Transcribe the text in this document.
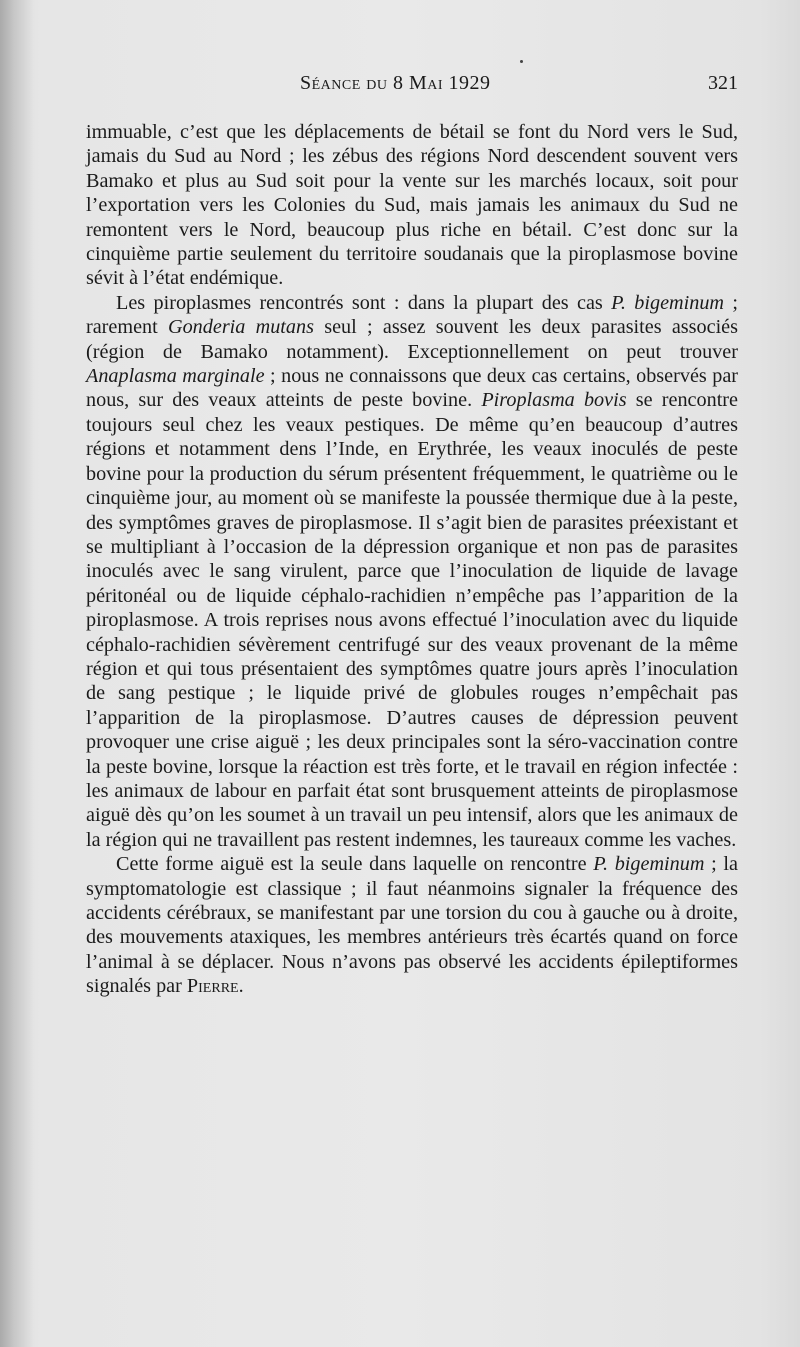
Séance du 8 Mai 1929	321

immuable, c’est que les déplacements de bétail se font du Nord vers le Sud, jamais du Sud au Nord ; les zébus des régions Nord descendent souvent vers Bamako et plus au Sud soit pour la vente sur les marchés locaux, soit pour l’exportation vers les Colonies du Sud, mais jamais les animaux du Sud ne remontent vers le Nord, beaucoup plus riche en bétail. C’est donc sur la cinquième partie seulement du territoire soudanais que la piroplasmose bovine sévit à l’état endémique.

Les piroplasmes rencontrés sont : dans la plupart des cas P. bigeminum ; rarement Gonderia mutans seul ; assez souvent les deux parasites associés (région de Bamako notamment). Exceptionnellement on peut trouver Anaplasma marginale ; nous ne connaissons que deux cas certains, observés par nous, sur des veaux atteints de peste bovine. Piroplasma bovis se rencontre toujours seul chez les veaux pestiques. De même qu’en beaucoup d’autres régions et notamment dens l’Inde, en Erythrée, les veaux inoculés de peste bovine pour la production du sérum présentent fréquemment, le quatrième ou le cinquième jour, au moment où se manifeste la poussée thermique due à la peste, des symptômes graves de piroplasmose. Il s’agit bien de parasites préexistant et se multipliant à l’occasion de la dépression organique et non pas de parasites inoculés avec le sang virulent, parce que l’inoculation de liquide de lavage péritonéal ou de liquide céphalo-rachidien n’empêche pas l’apparition de la piroplasmose. A trois reprises nous avons effectué l’inoculation avec du liquide céphalo-rachidien sévèrement centrifugé sur des veaux provenant de la même région et qui tous présentaient des symptômes quatre jours après l’inoculation de sang pestique ; le liquide privé de globules rouges n’empêchait pas l’apparition de la piroplasmose. D’autres causes de dépression peuvent provoquer une crise aiguë ; les deux principales sont la séro-vaccination contre la peste bovine, lorsque la réaction est très forte, et le travail en région infectée : les animaux de labour en parfait état sont brusquement atteints de piroplasmose aiguë dès qu’on les soumet à un travail un peu intensif, alors que les animaux de la région qui ne travaillent pas restent indemnes, les taureaux comme les vaches.

Cette forme aiguë est la seule dans laquelle on rencontre P. bigeminum ; la symptomatologie est classique ; il faut néanmoins signaler la fréquence des accidents cérébraux, se manifestant par une torsion du cou à gauche ou à droite, des mouvements ataxiques, les membres antérieurs très écartés quand on force l’animal à se déplacer. Nous n’avons pas observé les accidents épileptiformes signalés par Pierre.
